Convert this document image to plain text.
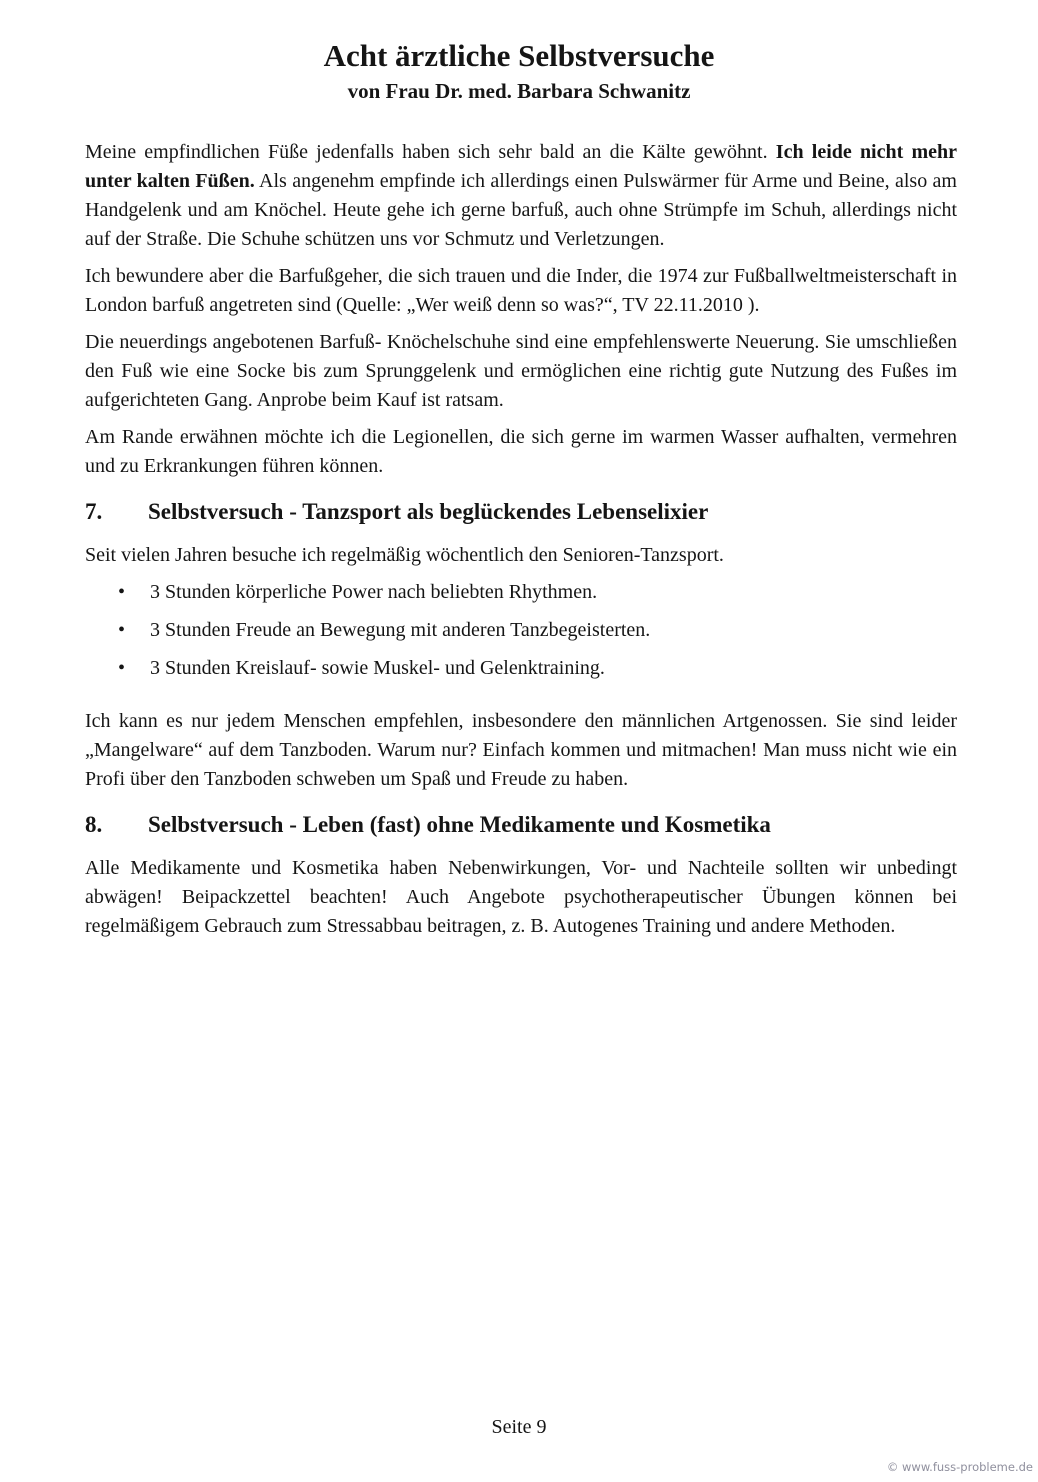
Acht ärztliche Selbstversuche
von Frau Dr. med. Barbara Schwanitz

Meine empfindlichen Füße jedenfalls haben sich sehr bald an die Kälte gewöhnt. Ich leide nicht mehr unter kalten Füßen. Als angenehm empfinde ich allerdings einen Pulswärmer für Arme und Beine, also am Handgelenk und am Knöchel. Heute gehe ich gerne barfuß, auch ohne Strümpfe im Schuh, allerdings nicht auf der Straße. Die Schuhe schützen uns vor Schmutz und Verletzungen.

Ich bewundere aber die Barfußgeher, die sich trauen und die Inder, die 1974 zur Fußballweltmeisterschaft in London barfuß angetreten sind (Quelle: „Wer weiß denn so was?“, TV 22.11.2010 ).

Die neuerdings angebotenen Barfuß- Knöchelschuhe sind eine empfehlenswerte Neuerung. Sie umschließen den Fuß wie eine Socke bis zum Sprunggelenk und ermöglichen eine richtig gute Nutzung des Fußes im aufgerichteten Gang. Anprobe beim Kauf ist ratsam.

Am Rande erwähnen möchte ich die Legionellen, die sich gerne im warmen Wasser aufhalten, vermehren und zu Erkrankungen führen können.

7.	Selbstversuch - Tanzsport als beglückendes Lebenselixier

Seit vielen Jahren besuche ich regelmäßig wöchentlich den Senioren-Tanzsport.

•	3 Stunden körperliche Power nach beliebten Rhythmen.
•	3 Stunden Freude an Bewegung mit anderen Tanzbegeisterten.
•	3 Stunden Kreislauf- sowie Muskel- und Gelenktraining.

Ich kann es nur jedem Menschen empfehlen, insbesondere den männlichen Artgenossen. Sie sind leider „Mangelware“ auf dem Tanzboden. Warum nur? Einfach kommen und mitmachen! Man muss nicht wie ein Profi über den Tanzboden schweben um Spaß und Freude zu haben.

8.	Selbstversuch - Leben (fast) ohne Medikamente und Kosmetika

Alle Medikamente und Kosmetika haben Nebenwirkungen, Vor- und Nachteile sollten wir unbedingt abwägen! Beipackzettel beachten! Auch Angebote psychotherapeutischer Übungen können bei regelmäßigem Gebrauch zum Stressabbau beitragen, z. B. Autogenes Training und andere Methoden.

Seite 9
© www.fuss-probleme.de
